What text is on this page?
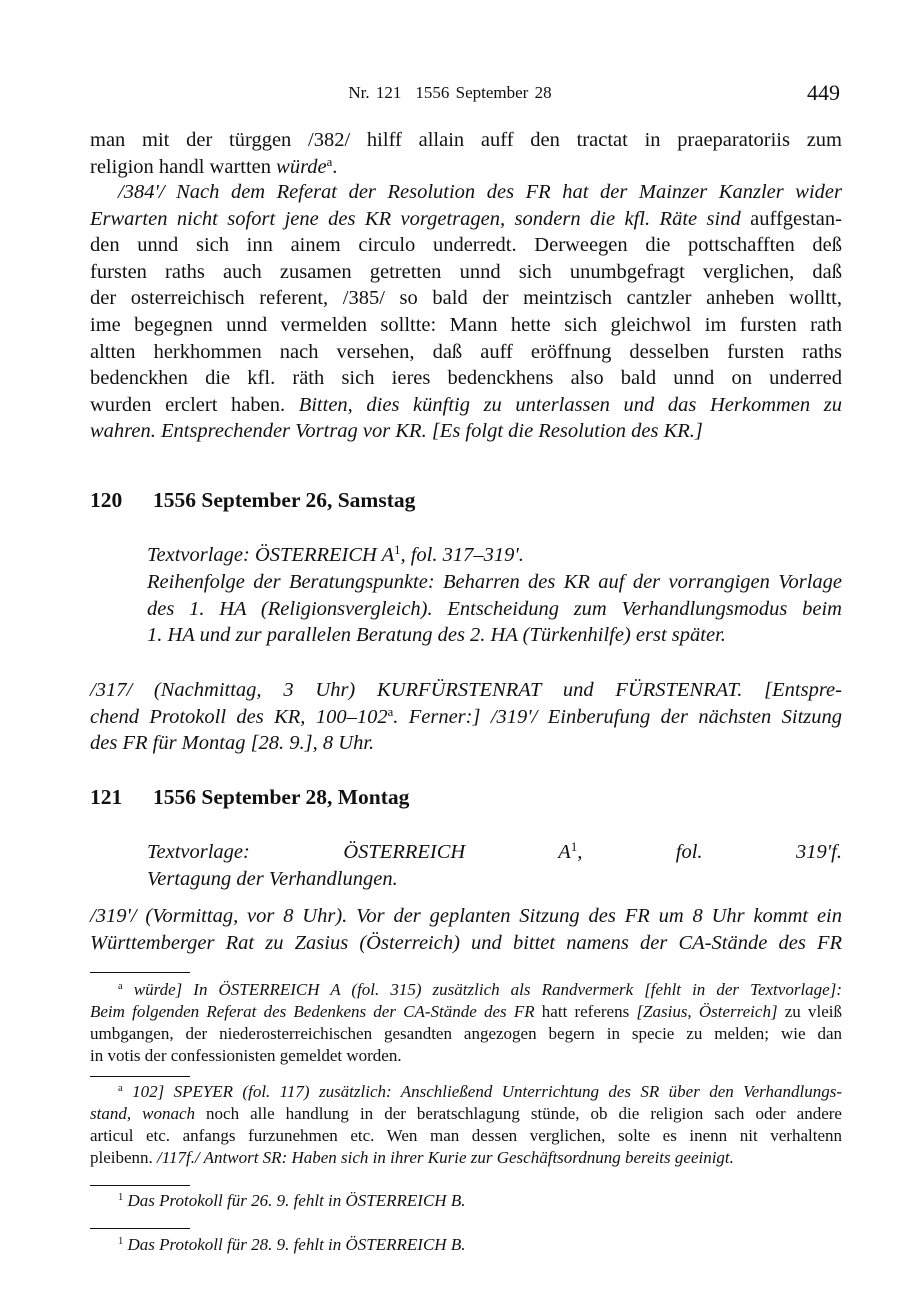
Nr. 121 1556 September 28	449
man mit der türggen /382/ hilff allain auff den tractat in praeparatoriis zum
religion handl wartten würde$^a$.
/384'/ Nach dem Referat der Resolution des FR hat der Mainzer Kanzler wider
Erwarten nicht sofort jene des KR vorgetragen, sondern die kfl. Räte sind auffgestan-
den unnd sich inn ainem circulo underredt. Derweegen die pottschafften deß
fursten raths auch zusamen getretten unnd sich unumbgefragt verglichen, daß
der osterreichisch referent, /385/ so bald der meintzisch cantzler anheben wolltt,
ime begegnen unnd vermelden solltte: Mann hette sich gleichwol im fursten rath
altten herkhommen nach versehen, daß auff eröffnung desselben fursten raths
bedenckhen die kfl. räth sich ieres bedenckhens also bald unnd on underred
wurden erclert haben. Bitten, dies künftig zu unterlassen und das Herkommen zu
wahren. Entsprechender Vortrag vor KR. [Es folgt die Resolution des KR.]
120 1556 September 26, Samstag
Textvorlage: ÖSTERREICH $A^1$, fol. 317–319'.
Reihenfolge der Beratungspunkte: Beharren des KR auf der vorrangigen Vorlage
des 1. HA (Religionsvergleich). Entscheidung zum Verhandlungsmodus beim
1. HA und zur parallelen Beratung des 2. HA (Türkenhilfe) erst später.
/317/ (Nachmittag, 3 Uhr) KURFÜRSTENRAT und FÜRSTENRAT. [Entspre-
chend Protokoll des KR, 100–102$^a$. Ferner:] /319'/ Einberufung der nächsten Sitzung
des FR für Montag [28. 9.], 8 Uhr.
121 1556 September 28, Montag
Textvorlage: ÖSTERREICH $A^1$, fol. 319'f.
Vertagung der Verhandlungen.
/319'/ (Vormittag, vor 8 Uhr). Vor der geplanten Sitzung des FR um 8 Uhr kommt ein
Württemberger Rat zu Zasius (Österreich) und bittet namens der CA-Stände des FR
$^a$ würde] In ÖSTERREICH A (fol. 315) zusätzlich als Randvermerk [fehlt in der Textvorlage]:
Beim folgenden Referat des Bedenkens der CA-Stände des FR hatt referens [Zasius, Österreich] zu vleiß
umbgangen, der niederosterreichischen gesandten angezogen begern in specie zu melden; wie dan
in votis der confessionisten gemeldet worden.
$^a$ 102] SPEYER (fol. 117) zusätzlich: Anschließend Unterrichtung des SR über den Verhandlungs-
stand, wonach noch alle handlung in der beratschlagung stünde, ob die religion sach oder andere
articul etc. anfangs furzunehmen etc. Wen man dessen verglichen, solte es inenn nit verhaltenn
pleibenn. /117f./ Antwort SR: Haben sich in ihrer Kurie zur Geschäftsordnung bereits geeinigt.
$^1$ Das Protokoll für 26. 9. fehlt in ÖSTERREICH B.
$^1$ Das Protokoll für 28. 9. fehlt in ÖSTERREICH B.
